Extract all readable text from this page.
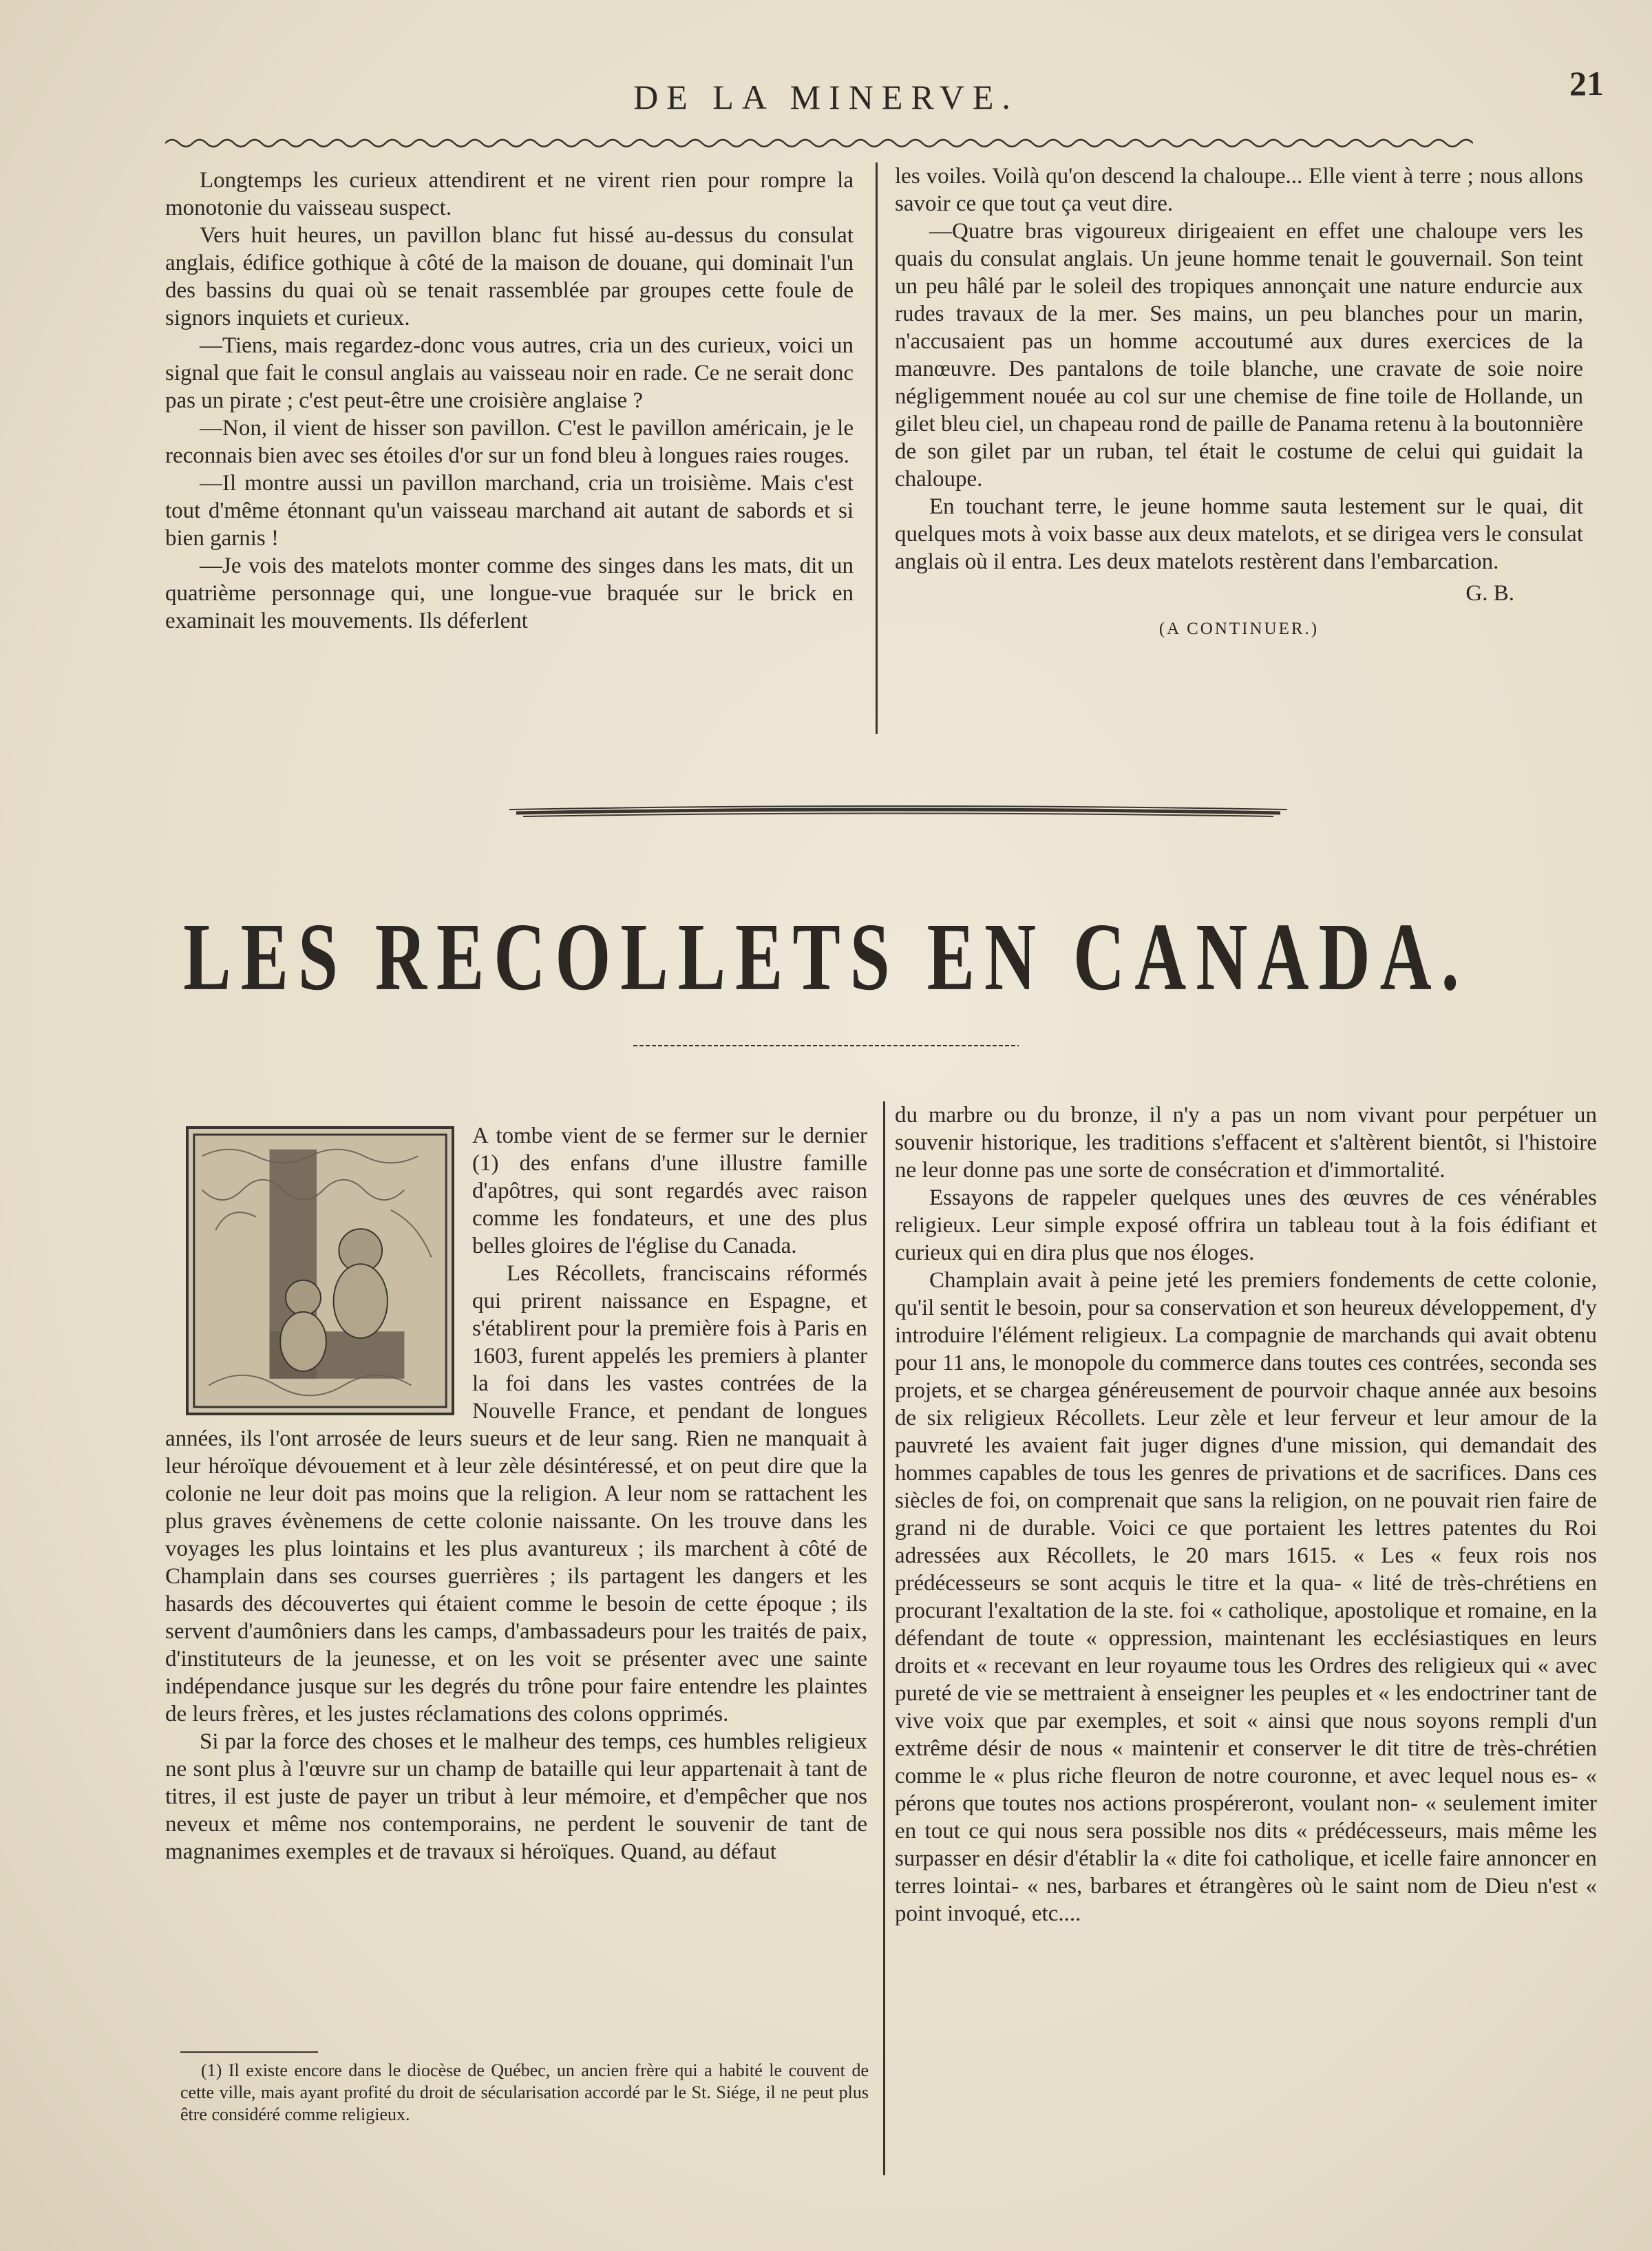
DE LA MINERVE.	21

Longtemps les curieux attendirent et ne virent rien pour rompre la monotonie du vaisseau suspect.

Vers huit heures, un pavillon blanc fut hissé au-dessus du consulat anglais, édifice gothique à côté de la maison de douane, qui dominait l'un des bassins du quai où se tenait rassemblée par groupes cette foule de signors inquiets et curieux.

—Tiens, mais regardez-donc vous autres, cria un des curieux, voici un signal que fait le consul anglais au vaisseau noir en rade. Ce ne serait donc pas un pirate ; c'est peut-être une croisière anglaise ?

—Non, il vient de hisser son pavillon. C'est le pavillon américain, je le reconnais bien avec ses étoiles d'or sur un fond bleu à longues raies rouges.

—Il montre aussi un pavillon marchand, cria un troisième. Mais c'est tout d'même étonnant qu'un vaisseau marchand ait autant de sabords et si bien garnis !

—Je vois des matelots monter comme des singes dans les mats, dit un quatrième personnage qui, une longue-vue braquée sur le brick en examinait les mouvements. Ils déferlent

les voiles. Voilà qu'on descend la chaloupe... Elle vient à terre ; nous allons savoir ce que tout ça veut dire.

—Quatre bras vigoureux dirigeaient en effet une chaloupe vers les quais du consulat anglais. Un jeune homme tenait le gouvernail. Son teint un peu hâlé par le soleil des tropiques annonçait une nature endurcie aux rudes travaux de la mer. Ses mains, un peu blanches pour un marin, n'accusaient pas un homme accoutumé aux dures exercices de la manœuvre. Des pantalons de toile blanche, une cravate de soie noire négligemment nouée au col sur une chemise de fine toile de Hollande, un gilet bleu ciel, un chapeau rond de paille de Panama retenu à la boutonnière de son gilet par un ruban, tel était le costume de celui qui guidait la chaloupe.

En touchant terre, le jeune homme sauta lestement sur le quai, dit quelques mots à voix basse aux deux matelots, et se dirigea vers le consulat anglais où il entra. Les deux matelots restèrent dans l'embarcation.

G. B.

(A CONTINUER.)

LES RECOLLETS EN CANADA.

A tombe vient de se fermer sur le dernier (1) des enfans d'une illustre famille d'apôtres, qui sont regardés avec raison comme les fondateurs, et une des plus belles gloires de l'église du Canada.

Les Récollets, franciscains réformés qui prirent naissance en Espagne, et s'établirent pour la première fois à Paris en 1603, furent appelés les premiers à planter la foi dans les vastes contrées de la Nouvelle France, et pendant de longues années, ils l'ont arrosée de leurs sueurs et de leur sang. Rien ne manquait à leur héroïque dévouement et à leur zèle désintéressé, et on peut dire que la colonie ne leur doit pas moins que la religion. A leur nom se rattachent les plus graves évènemens de cette colonie naissante. On les trouve dans les voyages les plus lointains et les plus avantureux ; ils marchent à côté de Champlain dans ses courses guerrières ; ils partagent les dangers et les hasards des découvertes qui étaient comme le besoin de cette époque ; ils servent d'aumôniers dans les camps, d'ambassadeurs pour les traités de paix, d'instituteurs de la jeunesse, et on les voit se présenter avec une sainte indépendance jusque sur les degrés du trône pour faire entendre les plaintes de leurs frères, et les justes réclamations des colons opprimés.

Si par la force des choses et le malheur des temps, ces humbles religieux ne sont plus à l'œuvre sur un champ de bataille qui leur appartenait à tant de titres, il est juste de payer un tribut à leur mémoire, et d'empêcher que nos neveux et même nos contemporains, ne perdent le souvenir de tant de magnanimes exemples et de travaux si héroïques. Quand, au défaut

du marbre ou du bronze, il n'y a pas un nom vivant pour perpétuer un souvenir historique, les traditions s'effacent et s'altèrent bientôt, si l'histoire ne leur donne pas une sorte de consécration et d'immortalité.

Essayons de rappeler quelques unes des œuvres de ces vénérables religieux. Leur simple exposé offrira un tableau tout à la fois édifiant et curieux qui en dira plus que nos éloges.

Champlain avait à peine jeté les premiers fondements de cette colonie, qu'il sentit le besoin, pour sa conservation et son heureux développement, d'y introduire l'élément religieux. La compagnie de marchands qui avait obtenu pour 11 ans, le monopole du commerce dans toutes ces contrées, seconda ses projets, et se chargea généreusement de pourvoir chaque année aux besoins de six religieux Récollets. Leur zèle et leur ferveur et leur amour de la pauvreté les avaient fait juger dignes d'une mission, qui demandait des hommes capables de tous les genres de privations et de sacrifices. Dans ces siècles de foi, on comprenait que sans la religion, on ne pouvait rien faire de grand ni de durable. Voici ce que portaient les lettres patentes du Roi adressées aux Récollets, le 20 mars 1615. « Les « feux rois nos prédécesseurs se sont acquis le titre et la qua- « lité de très-chrétiens en procurant l'exaltation de la ste. foi « catholique, apostolique et romaine, en la défendant de toute « oppression, maintenant les ecclésiastiques en leurs droits et « recevant en leur royaume tous les Ordres des religieux qui « avec pureté de vie se mettraient à enseigner les peuples et « les endoctriner tant de vive voix que par exemples, et soit « ainsi que nous soyons rempli d'un extrême désir de nous « maintenir et conserver le dit titre de très-chrétien comme le « plus riche fleuron de notre couronne, et avec lequel nous es- « pérons que toutes nos actions prospéreront, voulant non- « seulement imiter en tout ce qui nous sera possible nos dits « prédécesseurs, mais même les surpasser en désir d'établir la « dite foi catholique, et icelle faire annoncer en terres lointai- « nes, barbares et étrangères où le saint nom de Dieu n'est « point invoqué, etc....

(1) Il existe encore dans le diocèse de Québec, un ancien frère qui a habité le couvent de cette ville, mais ayant profité du droit de sécularisation accordé par le St. Siége, il ne peut plus être considéré comme religieux.
